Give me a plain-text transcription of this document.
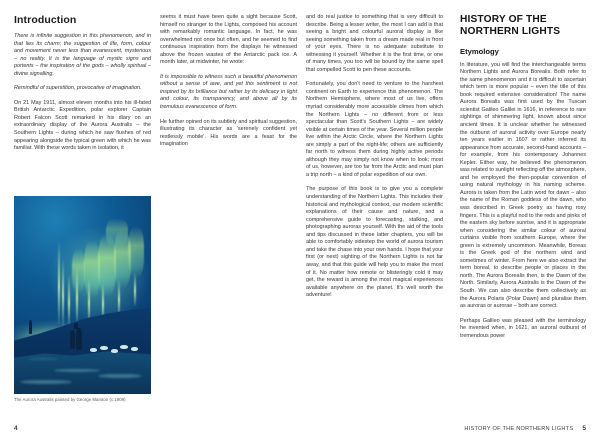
Introduction

There is infinite suggestion in this phenomenon, and in that lies its charm; the suggestion of life, form, colour and movement never less than evanescent, mysterious – no reality. It is the language of mystic signs and portents – the inspiration of the gods – wholly spiritual – divine signalling.

Remindful of superstition, provocative of imagination.

On 21 May 1911, almost eleven months into his ill-fated British Antarctic Expedition, polar explorer Captain Robert Falcon Scott remarked in his diary on an extraordinary display of the Aurora Australis – the Southern Lights – during which he saw flushes of red appearing alongside the typical green with which he was familiar. With these words taken in isolation, it

seems it must have been quite a sight because Scott, himself no stranger to the Lights, composed his account with remarkably romantic language. In fact, he was overwhelmed not once but often, and he seemed to find continuous inspiration from the displays he witnessed above the frozen wastes of the Antarctic pack ice. A month later, at midwinter, he wrote:

It is impossible to witness such a beautiful phenomenon without a sense of awe, and yet this sentiment is not inspired by its brilliance but rather by its delicacy in light and colour, its transparency, and above all by its tremulous evanescence of form.

He further opined on its subtlety and spiritual suggestion, illustrating its character as 'serenely confident yet restlessly mobile'. His words are a feast for the imagination

and do real justice to something that is very difficult to describe. Being a lesser writer, the most I can add is that seeing a bright and colourful auroral display is like seeing something taken from a dream made real in front of your eyes. There is no adequate substitute to witnessing it yourself. Whether it is the first time, or one of many times, you too will be bound by the same spell that compelled Scott to pen these accounts.

Fortunately, you don't need to venture to the harshest continent on Earth to experience this phenomenon. The Northern Hemisphere, where most of us live, offers myriad considerably more accessible climes from which the Northern Lights – no different from or less spectacular than Scott's Southern Lights – are widely visible at certain times of the year. Several million people live within the Arctic Circle, where the Northern Lights are simply a part of the night-life; others are sufficiently far north to witness them during highly active periods although they may simply not know when to look; most of us, however, are too far from the Arctic and must plan a trip north – a kind of polar expedition of our own.

The purpose of this book is to give you a complete understanding of the Northern Lights. This includes their historical and mythological context, our modern scientific explanations of their cause and nature, and a comprehensive guide to forecasting, stalking, and photographing auroras yourself. With the aid of the tools and tips discussed in these latter chapters, you will be able to comfortably sidestep the world of aurora tourism and take the chase into your own hands. I hope that your first (or next) sighting of the Northern Lights is not far away, and that this guide will help you to make the most of it. No matter how remote or blisteringly cold it may get, the reward is among the most magical experiences available anywhere on the planet. It's well worth the adventure!

The Aurora Australis painted by George Marston (c.1909)
4
HISTORY OF THE NORTHERN LIGHTS
Etymology

In literature, you will find the interchangeable terms Northern Lights and Aurora Borealis. Both refer to the same phenomenon and it is difficult to ascertain which term is more popular – even the title of this book required extensive consideration! The name Aurora Borealis was first used by the Tuscan scientist Galileo Galilei in 1616, in reference to rare sightings of shimmering light, known about since ancient times. It is unclear whether he witnessed the outburst of auroral activity over Europe nearly ten years earlier in 1607 or rather inferred its appearance from accurate, second-hand accounts – for example, from his contemporary Johannes Kepler. Either way, he believed the phenomenon was related to sunlight reflecting off the atmosphere, and he employed the then-popular convention of using natural mythology in his naming scheme. Aurora is taken from the Latin word for dawn – also the name of the Roman goddess of the dawn, who was described in Greek poetry as having rosy fingers. This is a playful nod to the reds and pinks of the eastern sky before sunrise, and it is appropriate when considering the similar colour of auroral curtains visible from southern Europe, where the green is extremely uncommon. Meanwhile, Boreas is the Greek god of the northern wind and sometimes of winter. From here we also extract the term boreal, to describe people or places in the north. The Aurora Borealis then, is the Dawn of the North. Similarly, Aurora Australis is the Dawn of the South. We can also describe them collectively as the Aurora Polaris (Polar Dawn) and pluralise them as auroras or aurorae – both are correct.

Perhaps Galileo was pleased with the terminology he invented when, in 1621, an auroral outburst of tremendous power

HISTORY OF THE NORTHERN LIGHTS 5
